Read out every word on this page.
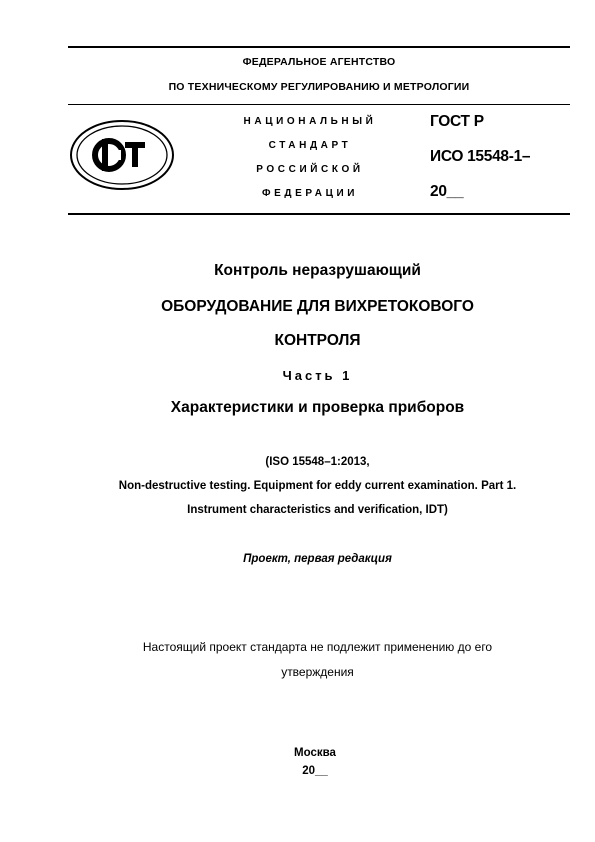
ФЕДЕРАЛЬНОЕ АГЕНТСТВО
ПО ТЕХНИЧЕСКОМУ РЕГУЛИРОВАНИЮ И МЕТРОЛОГИИ
НАЦИОНАЛЬНЫЙ
СТАНДАРТ
РОССИЙСКОЙ
ФЕДЕРАЦИИ
ГОСТ Р
ИСО 15548-1–
20__
Контроль неразрушающий
ОБОРУДОВАНИЕ ДЛЯ ВИХРЕТОКОВОГО
КОНТРОЛЯ
Часть 1
Характеристики и проверка приборов
(ISO 15548–1:2013,
Non-destructive testing. Equipment for eddy current examination. Part 1.
Instrument characteristics and verification, IDT)
Проект, первая редакция
Настоящий проект стандарта не подлежит применению до его
утверждения
Москва
20__
